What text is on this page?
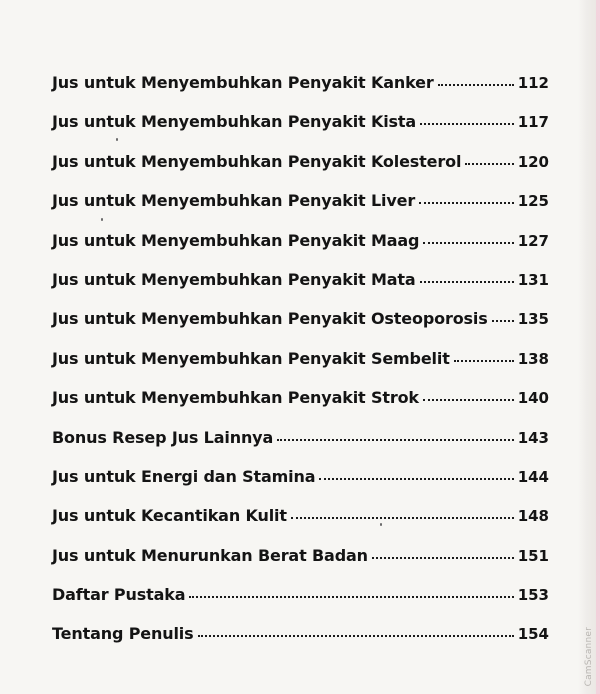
CamScanner
Jus untuk Menyembuhkan Penyakit Kanker	112
Jus untuk Menyembuhkan Penyakit Kista	117
Jus untuk Menyembuhkan Penyakit Kolesterol	120
Jus untuk Menyembuhkan Penyakit Liver	125
Jus untuk Menyembuhkan Penyakit Maag	127
Jus untuk Menyembuhkan Penyakit Mata	131
Jus untuk Menyembuhkan Penyakit Osteoporosis 135
Jus untuk Menyembuhkan Penyakit Sembelit	138
Jus untuk Menyembuhkan Penyakit Strok	140
Bonus Resep Jus Lainnya	143
Jus untuk Energi dan Stamina	144
Jus untuk Kecantikan Kulit	148
Jus untuk Menurunkan Berat Badan	151
Daftar Pustaka	153
Tentang Penulis	154
